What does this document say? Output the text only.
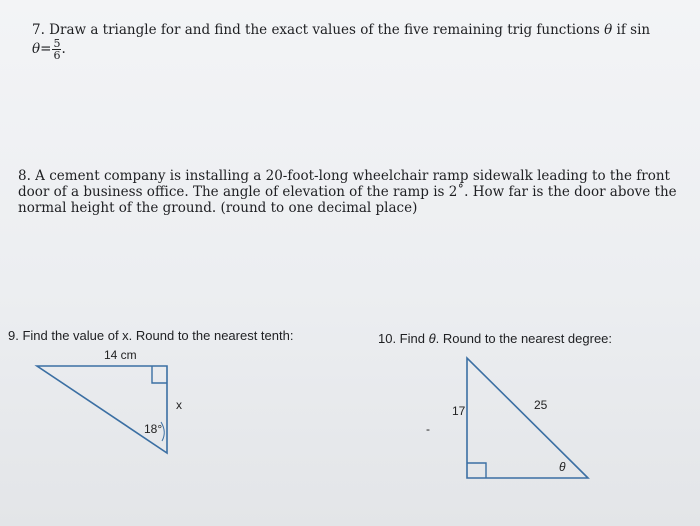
7. Draw a triangle for and find the exact values of the five remaining trig functions θ if $\sin \theta= \frac{5}{6}$ .
8. A cement company is installing a 20-foot-long wheelchair ramp sidewalk leading to the front door of a business office. The angle of elevation of the ramp is 2˚. How far is the door above the normal height of the ground. (round to one decimal place)
9. Find the value of x. Round to the nearest tenth:	10. Find θ. Round to the nearest degree:
14 cm
x
18°
17	25
θ
-
